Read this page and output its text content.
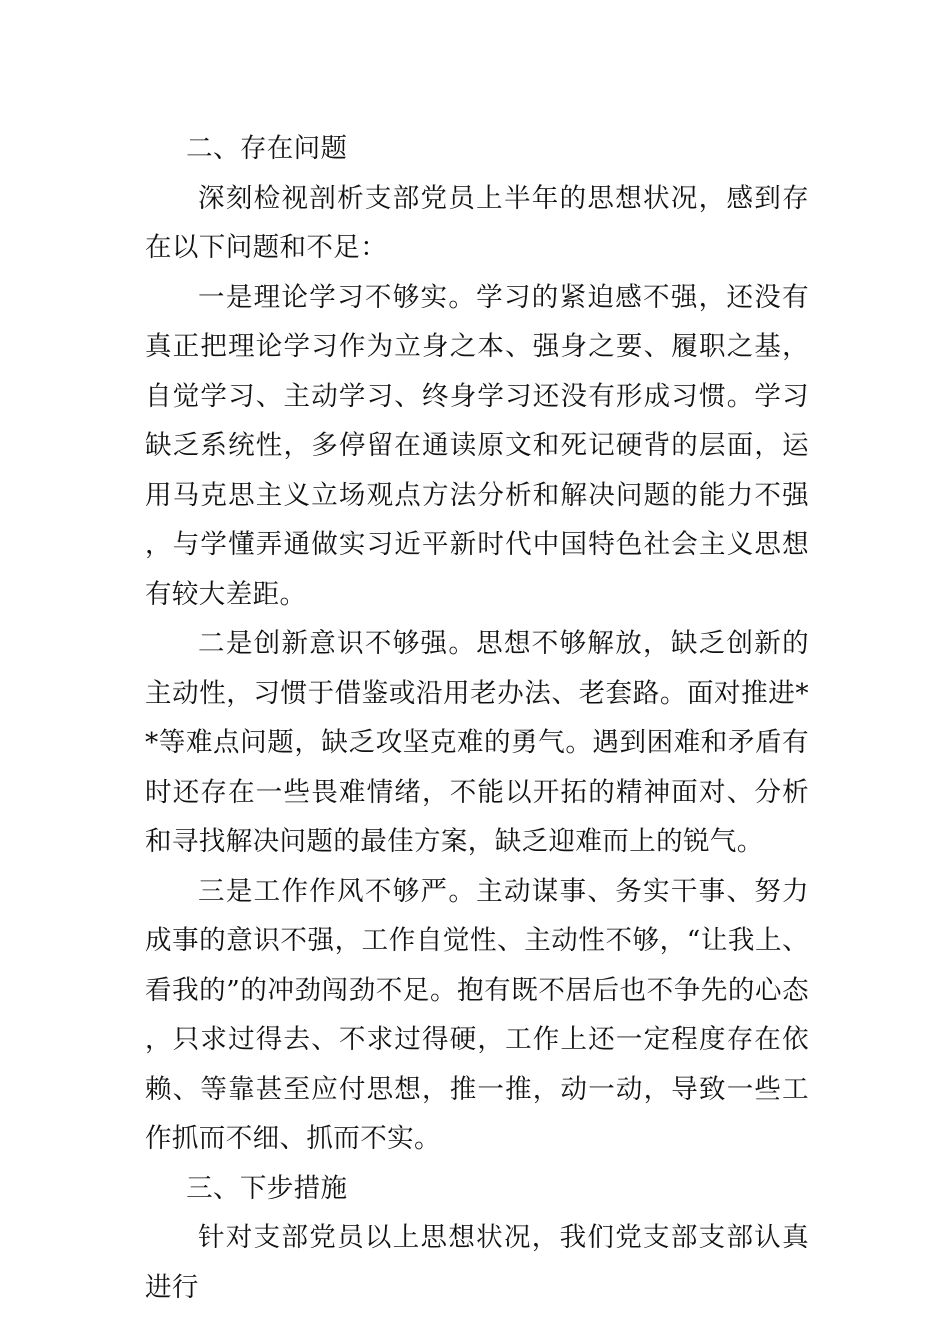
二、存在问题

深刻检视剖析支部党员上半年的思想状况，感到存在以下问题和不足：

一是理论学习不够实。学习的紧迫感不强，还没有真正把理论学习作为立身之本、强身之要、履职之基，自觉学习、主动学习、终身学习还没有形成习惯。学习缺乏系统性，多停留在通读原文和死记硬背的层面，运用马克思主义立场观点方法分析和解决问题的能力不强，与学懂弄通做实习近平新时代中国特色社会主义思想有较大差距。

二是创新意识不够强。思想不够解放，缺乏创新的主动性，习惯于借鉴或沿用老办法、老套路。面对推进**等难点问题，缺乏攻坚克难的勇气。遇到困难和矛盾有时还存在一些畏难情绪，不能以开拓的精神面对、分析和寻找解决问题的最佳方案，缺乏迎难而上的锐气。

三是工作作风不够严。主动谋事、务实干事、努力成事的意识不强，工作自觉性、主动性不够，“让我上、看我的”的冲劲闯劲不足。抱有既不居后也不争先的心态，只求过得去、不求过得硬，工作上还一定程度存在依赖、等靠甚至应付思想，推一推，动一动，导致一些工作抓而不细、抓而不实。

三、下步措施

针对支部党员以上思想状况，我们党支部支部认真进行
